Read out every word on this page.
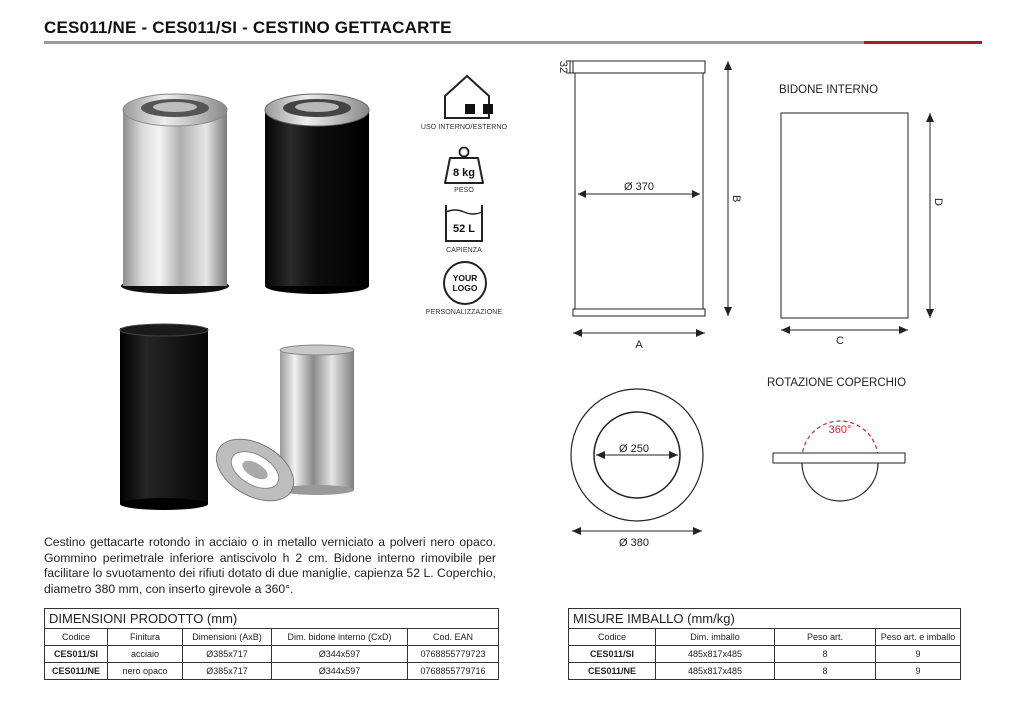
CES011/NE - CES011/SI - CESTINO GETTACARTE
USO INTERNO/ESTERNO
8 kg
PESO
52 L
CAPIENZA
YOUR
LOGO
PERSONALIZZAZIONE
32
Ø 370
B
A
BIDONE INTERNO
D
C
Ø 250
Ø 380
ROTAZIONE COPERCHIO
360°
Cestino gettacarte rotondo in acciaio o in metallo verniciato a polveri nero opaco. Gommino perimetrale inferiore antiscivolo h 2 cm. Bidone interno rimovibile per facilitare lo svuotamento dei rifiuti dotato di due maniglie, capienza 52 L. Coperchio, diametro 380 mm, con inserto girevole a 360°.
DIMENSIONI PRODOTTO (mm)				
Codice	Finitura	Dimensioni (AxB)	Dim. bidone interno (CxD)	Cod. EAN
CES011/SI	acciaio	Ø385x717	Ø344x597	0768855779723
CES011/NE	nero opaco	Ø385x717	Ø344x597	0768855779716
MISURE IMBALLO (mm/kg)			
Codice	Dim. imballo	Peso art.	Peso art. e imballo
CES011/SI	485x817x485	8	9
CES011/NE	485x817x485	8	9
